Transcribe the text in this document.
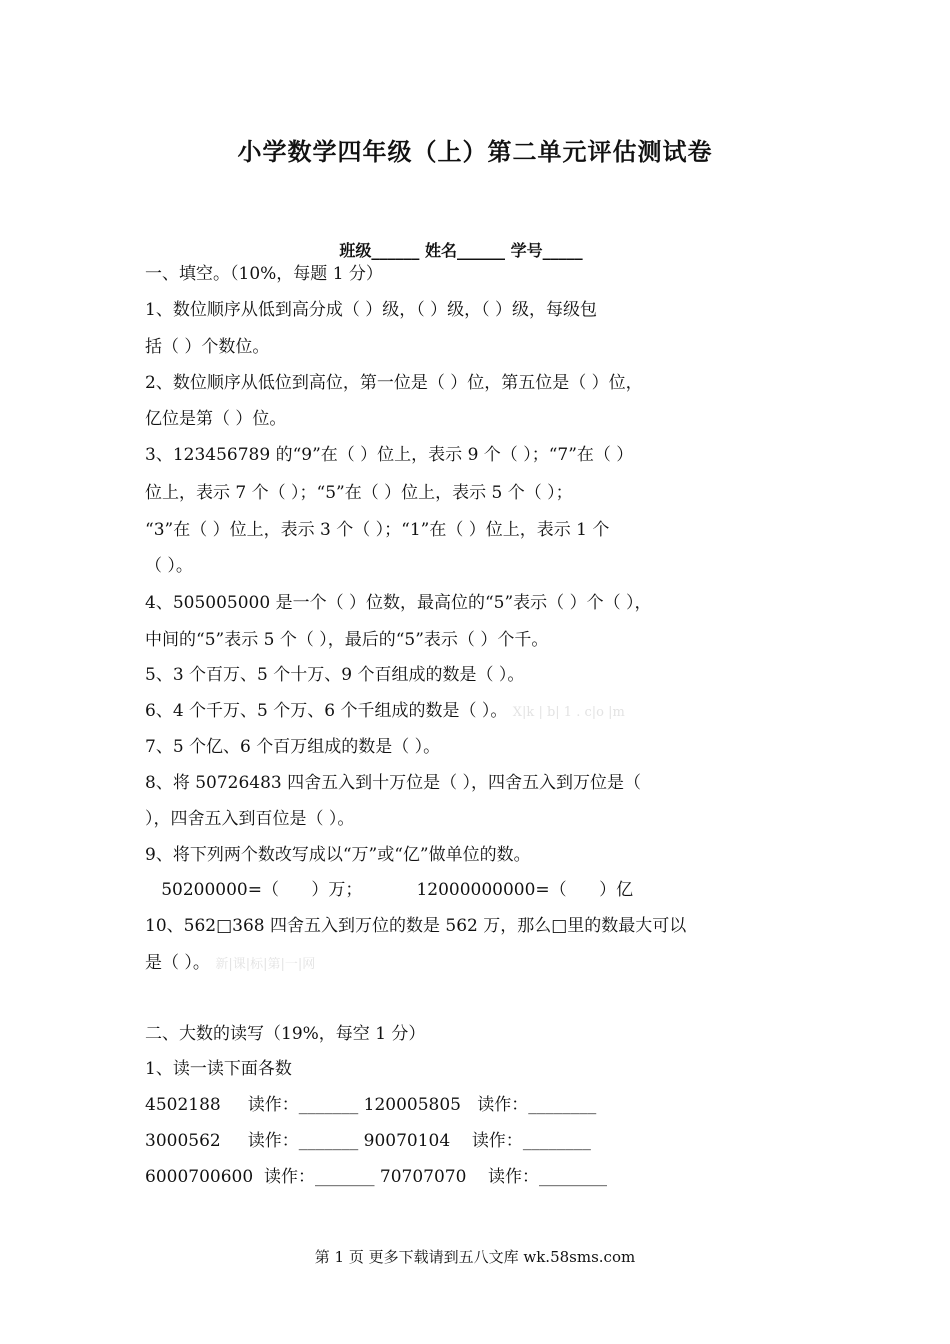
小学数学四年级（上）第二单元评估测试卷
班级______ 姓名______ 学号_____
一、填空。（10%，每题 1 分）
1、数位顺序从低到高分成（ ）级，（ ）级，（ ）级，每级包
括（ ）个数位。
2、数位顺序从低位到高位，第一位是（ ）位，第五位是（ ）位，
亿位是第（ ）位。
3、123456789 的“9”在（ ）位上，表示 9 个（ ）；“7”在（ ）
位上，表示 7 个（ ）；“5”在（ ）位上，表示 5 个（ ）；
“3”在（ ）位上，表示 3 个（ ）；“1”在（ ）位上，表示 1 个
（ ）。
4、505005000 是一个（ ）位数，最高位的“5”表示（ ）个（ ），
中间的“5”表示 5 个（ ），最后的“5”表示（ ）个千。
5、3 个百万、5 个十万、9 个百组成的数是（ ）。
6、4 个千万、5 个万、6 个千组成的数是（ ）。 X|k | b| 1 . c|o |m
7、5 个亿、6 个百万组成的数是（ ）。
8、将 50726483 四舍五入到十万位是（ ），四舍五入到万位是（
），四舍五入到百位是（ ）。
9、将下列两个数改写成以“万”或“亿”做单位的数。
50200000=（      ）万；          12000000000=（      ）亿
10、562□368 四舍五入到万位的数是 562 万，那么□里的数最大可以
是（ ）。 新|课|标|第|一|网
二、大数的读写（19%，每空 1 分）
1、读一读下面各数
4502188 读作：_______ 120005805 读作：________
3000562 读作：_______ 90070104 读作：________
6000700600 读作：_______ 70707070 读作：________
第 1 页 更多下载请到五八文库 wk.58sms.com
